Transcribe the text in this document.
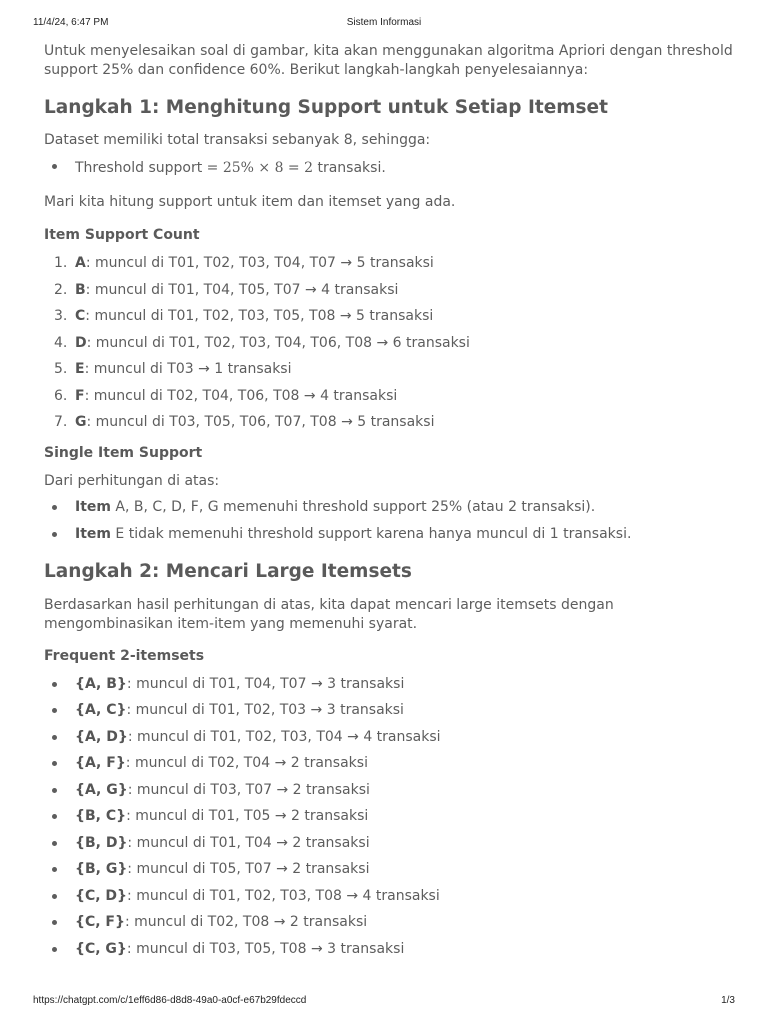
11/4/24, 6:47 PM	Sistem Informasi

Untuk menyelesaikan soal di gambar, kita akan menggunakan algoritma Apriori dengan threshold support 25% dan confidence 60%. Berikut langkah-langkah penyelesaiannya:

Langkah 1: Menghitung Support untuk Setiap Itemset

Dataset memiliki total transaksi sebanyak 8, sehingga:

Threshold support = 25% × 8 = 2 transaksi.

Mari kita hitung support untuk item dan itemset yang ada.

Item Support Count
1. A: muncul di T01, T02, T03, T04, T07 → 5 transaksi
2. B: muncul di T01, T04, T05, T07 → 4 transaksi
3. C: muncul di T01, T02, T03, T05, T08 → 5 transaksi
4. D: muncul di T01, T02, T03, T04, T06, T08 → 6 transaksi
5. E: muncul di T03 → 1 transaksi
6. F: muncul di T02, T04, T06, T08 → 4 transaksi
7. G: muncul di T03, T05, T06, T07, T08 → 5 transaksi
Single Item Support

Dari perhitungan di atas:

Item A, B, C, D, F, G memenuhi threshold support 25% (atau 2 transaksi).
Item E tidak memenuhi threshold support karena hanya muncul di 1 transaksi.
Langkah 2: Mencari Large Itemsets

Berdasarkan hasil perhitungan di atas, kita dapat mencari large itemsets dengan mengombinasikan item-item yang memenuhi syarat.

Frequent 2-itemsets
{A, B}: muncul di T01, T04, T07 → 3 transaksi
{A, C}: muncul di T01, T02, T03 → 3 transaksi
{A, D}: muncul di T01, T02, T03, T04 → 4 transaksi
{A, F}: muncul di T02, T04 → 2 transaksi
{A, G}: muncul di T03, T07 → 2 transaksi
{B, C}: muncul di T01, T05 → 2 transaksi
{B, D}: muncul di T01, T04 → 2 transaksi
{B, G}: muncul di T05, T07 → 2 transaksi
{C, D}: muncul di T01, T02, T03, T08 → 4 transaksi
{C, F}: muncul di T02, T08 → 2 transaksi
{C, G}: muncul di T03, T05, T08 → 3 transaksi
https://chatgpt.com/c/1eff6d86-d8d8-49a0-a0cf-e67b29fdeccd	1/3
